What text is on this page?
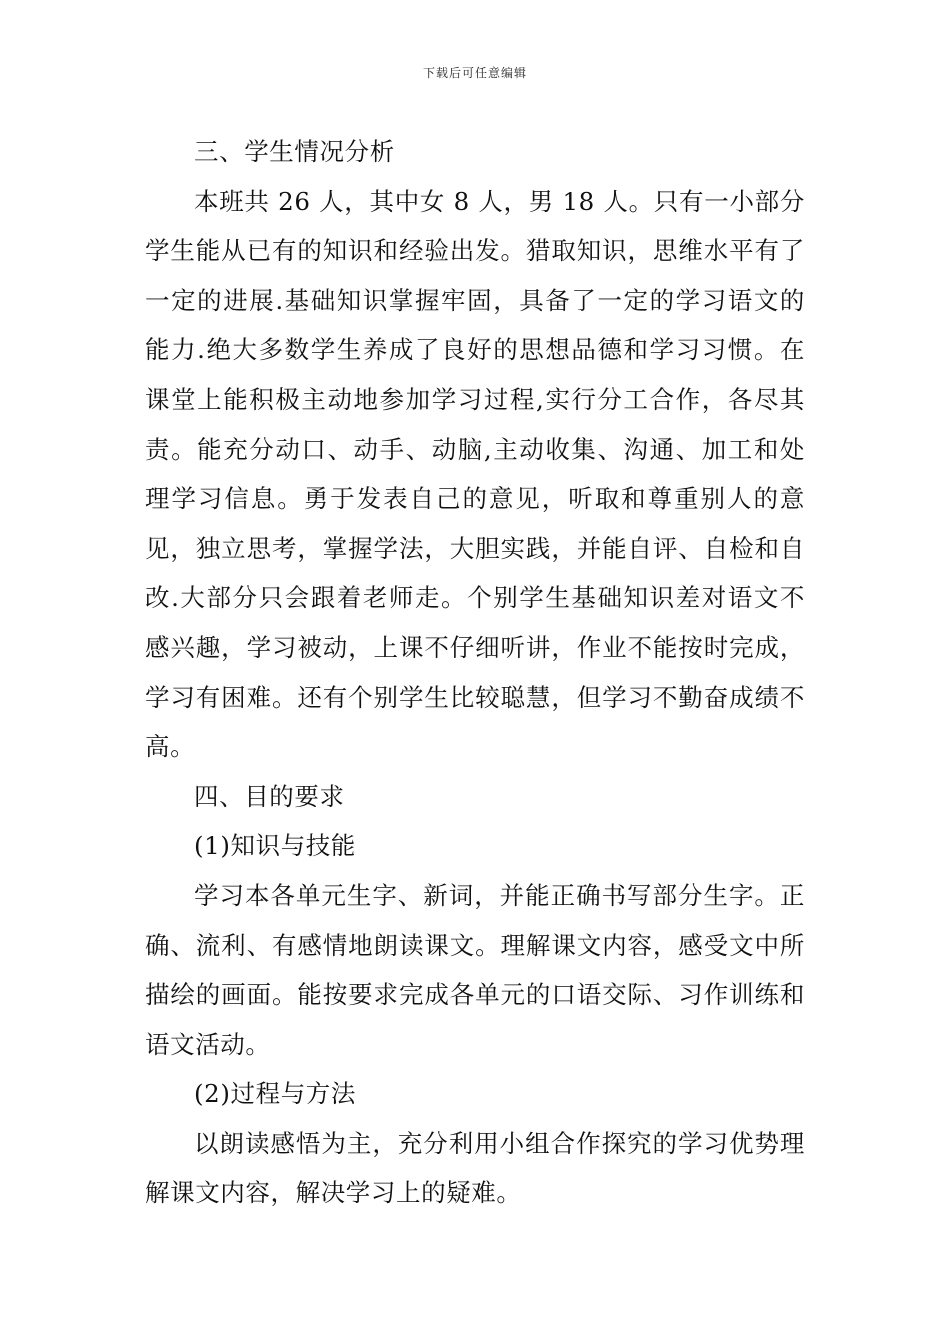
下载后可任意编辑

三、学生情况分析

本班共 26 人，其中女 8 人，男 18 人。只有一小部分学生能从已有的知识和经验出发。猎取知识，思维水平有了一定的进展.基础知识掌握牢固，具备了一定的学习语文的能力.绝大多数学生养成了良好的思想品德和学习习惯。在课堂上能积极主动地参加学习过程,实行分工合作，各尽其责。能充分动口、动手、动脑,主动收集、沟通、加工和处理学习信息。勇于发表自己的意见，听取和尊重别人的意见，独立思考，掌握学法，大胆实践，并能自评、自检和自改.大部分只会跟着老师走。个别学生基础知识差对语文不感兴趣，学习被动，上课不仔细听讲，作业不能按时完成，学习有困难。还有个别学生比较聪慧，但学习不勤奋成绩不高。

四、目的要求

(1)知识与技能

学习本各单元生字、新词，并能正确书写部分生字。正确、流利、有感情地朗读课文。理解课文内容，感受文中所描绘的画面。能按要求完成各单元的口语交际、习作训练和语文活动。

(2)过程与方法

以朗读感悟为主，充分利用小组合作探究的学习优势理解课文内容，解决学习上的疑难。
